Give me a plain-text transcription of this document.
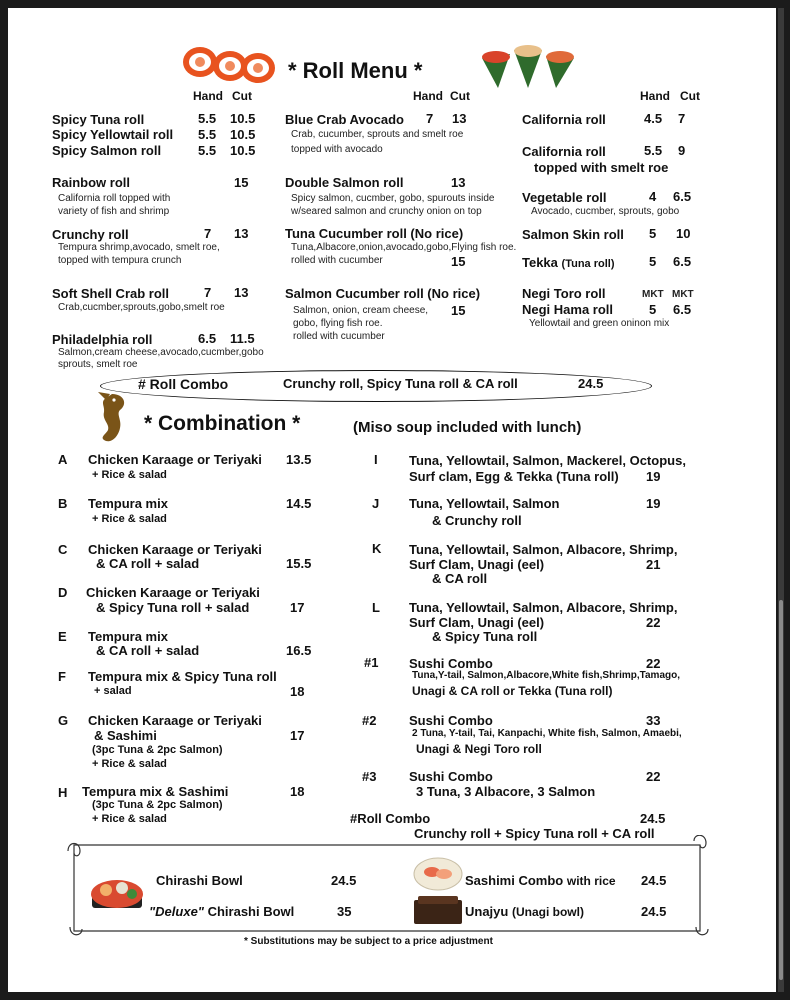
* Roll Menu *
Hand Cut	Hand Cut	Hand Cut
Spicy Tuna roll	5.5 10.5
Spicy Yellowtail roll 5.5 10.5
Spicy Salmon roll	5.5 10.5
Rainbow roll	15
California roll topped with
variety of fish and shrimp
Crunchy roll	7 13
Tempura shrimp,avocado, smelt roe,
topped with tempura crunch
Soft Shell Crab roll	7 13
Crab,cucmber,sprouts,gobo,smelt roe
Philadelphia roll	6.5 11.5
Salmon,cream cheese,avocado,cucmber,gobo
sprouts, smelt roe
Blue Crab Avocado 7 13
Crab, cucumber, sprouts and smelt roe
topped with avocado
Double Salmon roll	13
Spicy salmon, cucmber, gobo, spurouts inside
w/seared salmon and crunchy onion on top
Tuna Cucumber roll (No rice)
Tuna,Albacore,onion,avocado,gobo,Flying fish roe.
rolled with cucumber	15
Salmon Cucumber roll (No rice)
Salmon, onion, cream cheese, 15
gobo, flying fish roe.
rolled with cucumber
California roll	4.5 7
California roll	5.5 9
topped with smelt roe
Vegetable roll	4 6.5
Avocado, cucmber, sprouts, gobo
Salmon Skin roll 5 10
Tekka (Tuna roll)	5 6.5
Negi Toro roll	MKT MKT
Negi Hama roll	5 6.5
Yellowtail and green oninon mix
# Roll Combo	Crunchy roll, Spicy Tuna roll & CA roll	24.5
* Combination *	(Miso soup included with lunch)
A Chicken Karaage or Teriyaki
+ Rice & salad
13.5
B Tempura mix
+ Rice & salad
14.5
C Chicken Karaage or Teriyaki
& CA roll + salad	15.5
D Chicken Karaage or Teriyaki
& Spicy Tuna roll + salad	17
E Tempura mix
& CA roll + salad	16.5
F Tempura mix & Spicy Tuna roll
+ salad	18
G Chicken Karaage or Teriyaki
& Sashimi
(3pc Tuna & 2pc Salmon)
+ Rice & salad
17
H Tempura mix & Sashimi
(3pc Tuna & 2pc Salmon)
+ Rice & salad
18
I Tuna, Yellowtail, Salmon, Mackerel, Octopus,
Surf clam, Egg & Tekka (Tuna roll) 19
J Tuna, Yellowtail, Salmon
& Crunchy roll
19
K Tuna, Yellowtail, Salmon, Albacore, Shrimp,
Surf Clam, Unagi (eel)
& CA roll
21
L Tuna, Yellowtail, Salmon, Albacore, Shrimp,
Surf Clam, Unagi (eel)
& Spicy Tuna roll
22
#1 Sushi Combo
Tuna,Y-tail, Salmon,Albacore,White fish,Shrimp,Tamago,
Unagi & CA roll or Tekka (Tuna roll)
22
#2	Sushi Combo
2 Tuna, Y-tail, Tai, Kanpachi, White fish, Salmon, Amaebi,
Unagi & Negi Toro roll
33
#3	Sushi Combo
3 Tuna, 3 Albacore, 3 Salmon
22
#Roll Combo
Crunchy roll + Spicy Tuna roll + CA roll
24.5
Chirashi Bowl	24.5
"Deluxe" Chirashi Bowl	35
Sashimi Combo with rice 24.5
Unajyu (Unagi bowl)	24.5
* Substitutions may be subject to a price adjustment
